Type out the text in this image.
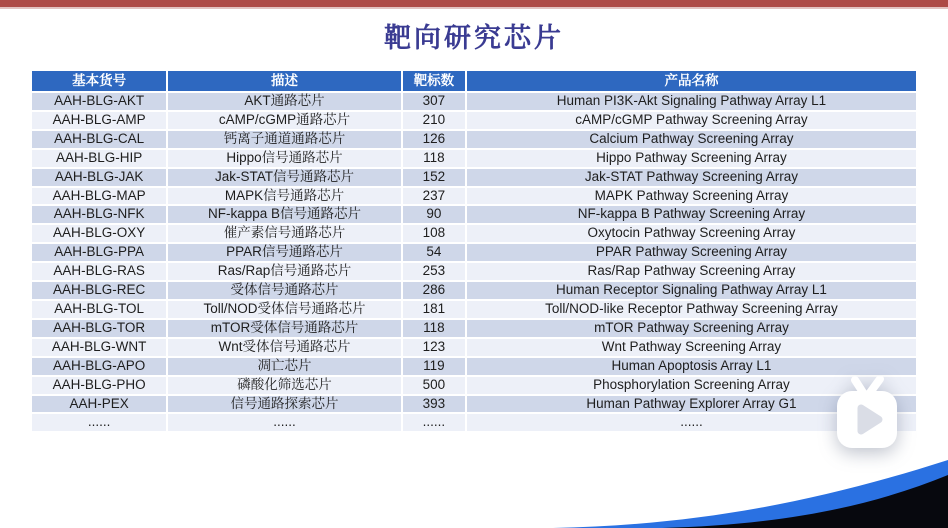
靶向研究芯片
基本货号	描述	靶标数	产品名称
AAH-BLG-AKT	AKT通路芯片	307	Human PI3K-Akt Signaling Pathway Array L1
AAH-BLG-AMP	cAMP/cGMP通路芯片	210	cAMP/cGMP Pathway Screening Array
AAH-BLG-CAL	钙离子通道通路芯片	126	Calcium Pathway Screening Array
AAH-BLG-HIP	Hippo信号通路芯片	118	Hippo Pathway Screening Array
AAH-BLG-JAK	Jak-STAT信号通路芯片	152	Jak-STAT Pathway Screening Array
AAH-BLG-MAP	MAPK信号通路芯片	237	MAPK Pathway Screening Array
AAH-BLG-NFK	NF-kappa B信号通路芯片	90	NF-kappa B Pathway Screening Array
AAH-BLG-OXY	催产素信号通路芯片	108	Oxytocin Pathway Screening Array
AAH-BLG-PPA	PPAR信号通路芯片	54	PPAR Pathway Screening Array
AAH-BLG-RAS	Ras/Rap信号通路芯片	253	Ras/Rap Pathway Screening Array
AAH-BLG-REC	受体信号通路芯片	286	Human Receptor Signaling Pathway Array L1
AAH-BLG-TOL	Toll/NOD受体信号通路芯片	181	Toll/NOD-like Receptor Pathway Screening Array
AAH-BLG-TOR	mTOR受体信号通路芯片	118	mTOR Pathway Screening Array
AAH-BLG-WNT	Wnt受体信号通路芯片	123	Wnt Pathway Screening Array
AAH-BLG-APO	凋亡芯片	119	Human Apoptosis Array L1
AAH-BLG-PHO	磷酸化筛选芯片	500	Phosphorylation Screening Array
AAH-PEX	信号通路探索芯片	393	Human Pathway Explorer Array G1
......	......	......	......
